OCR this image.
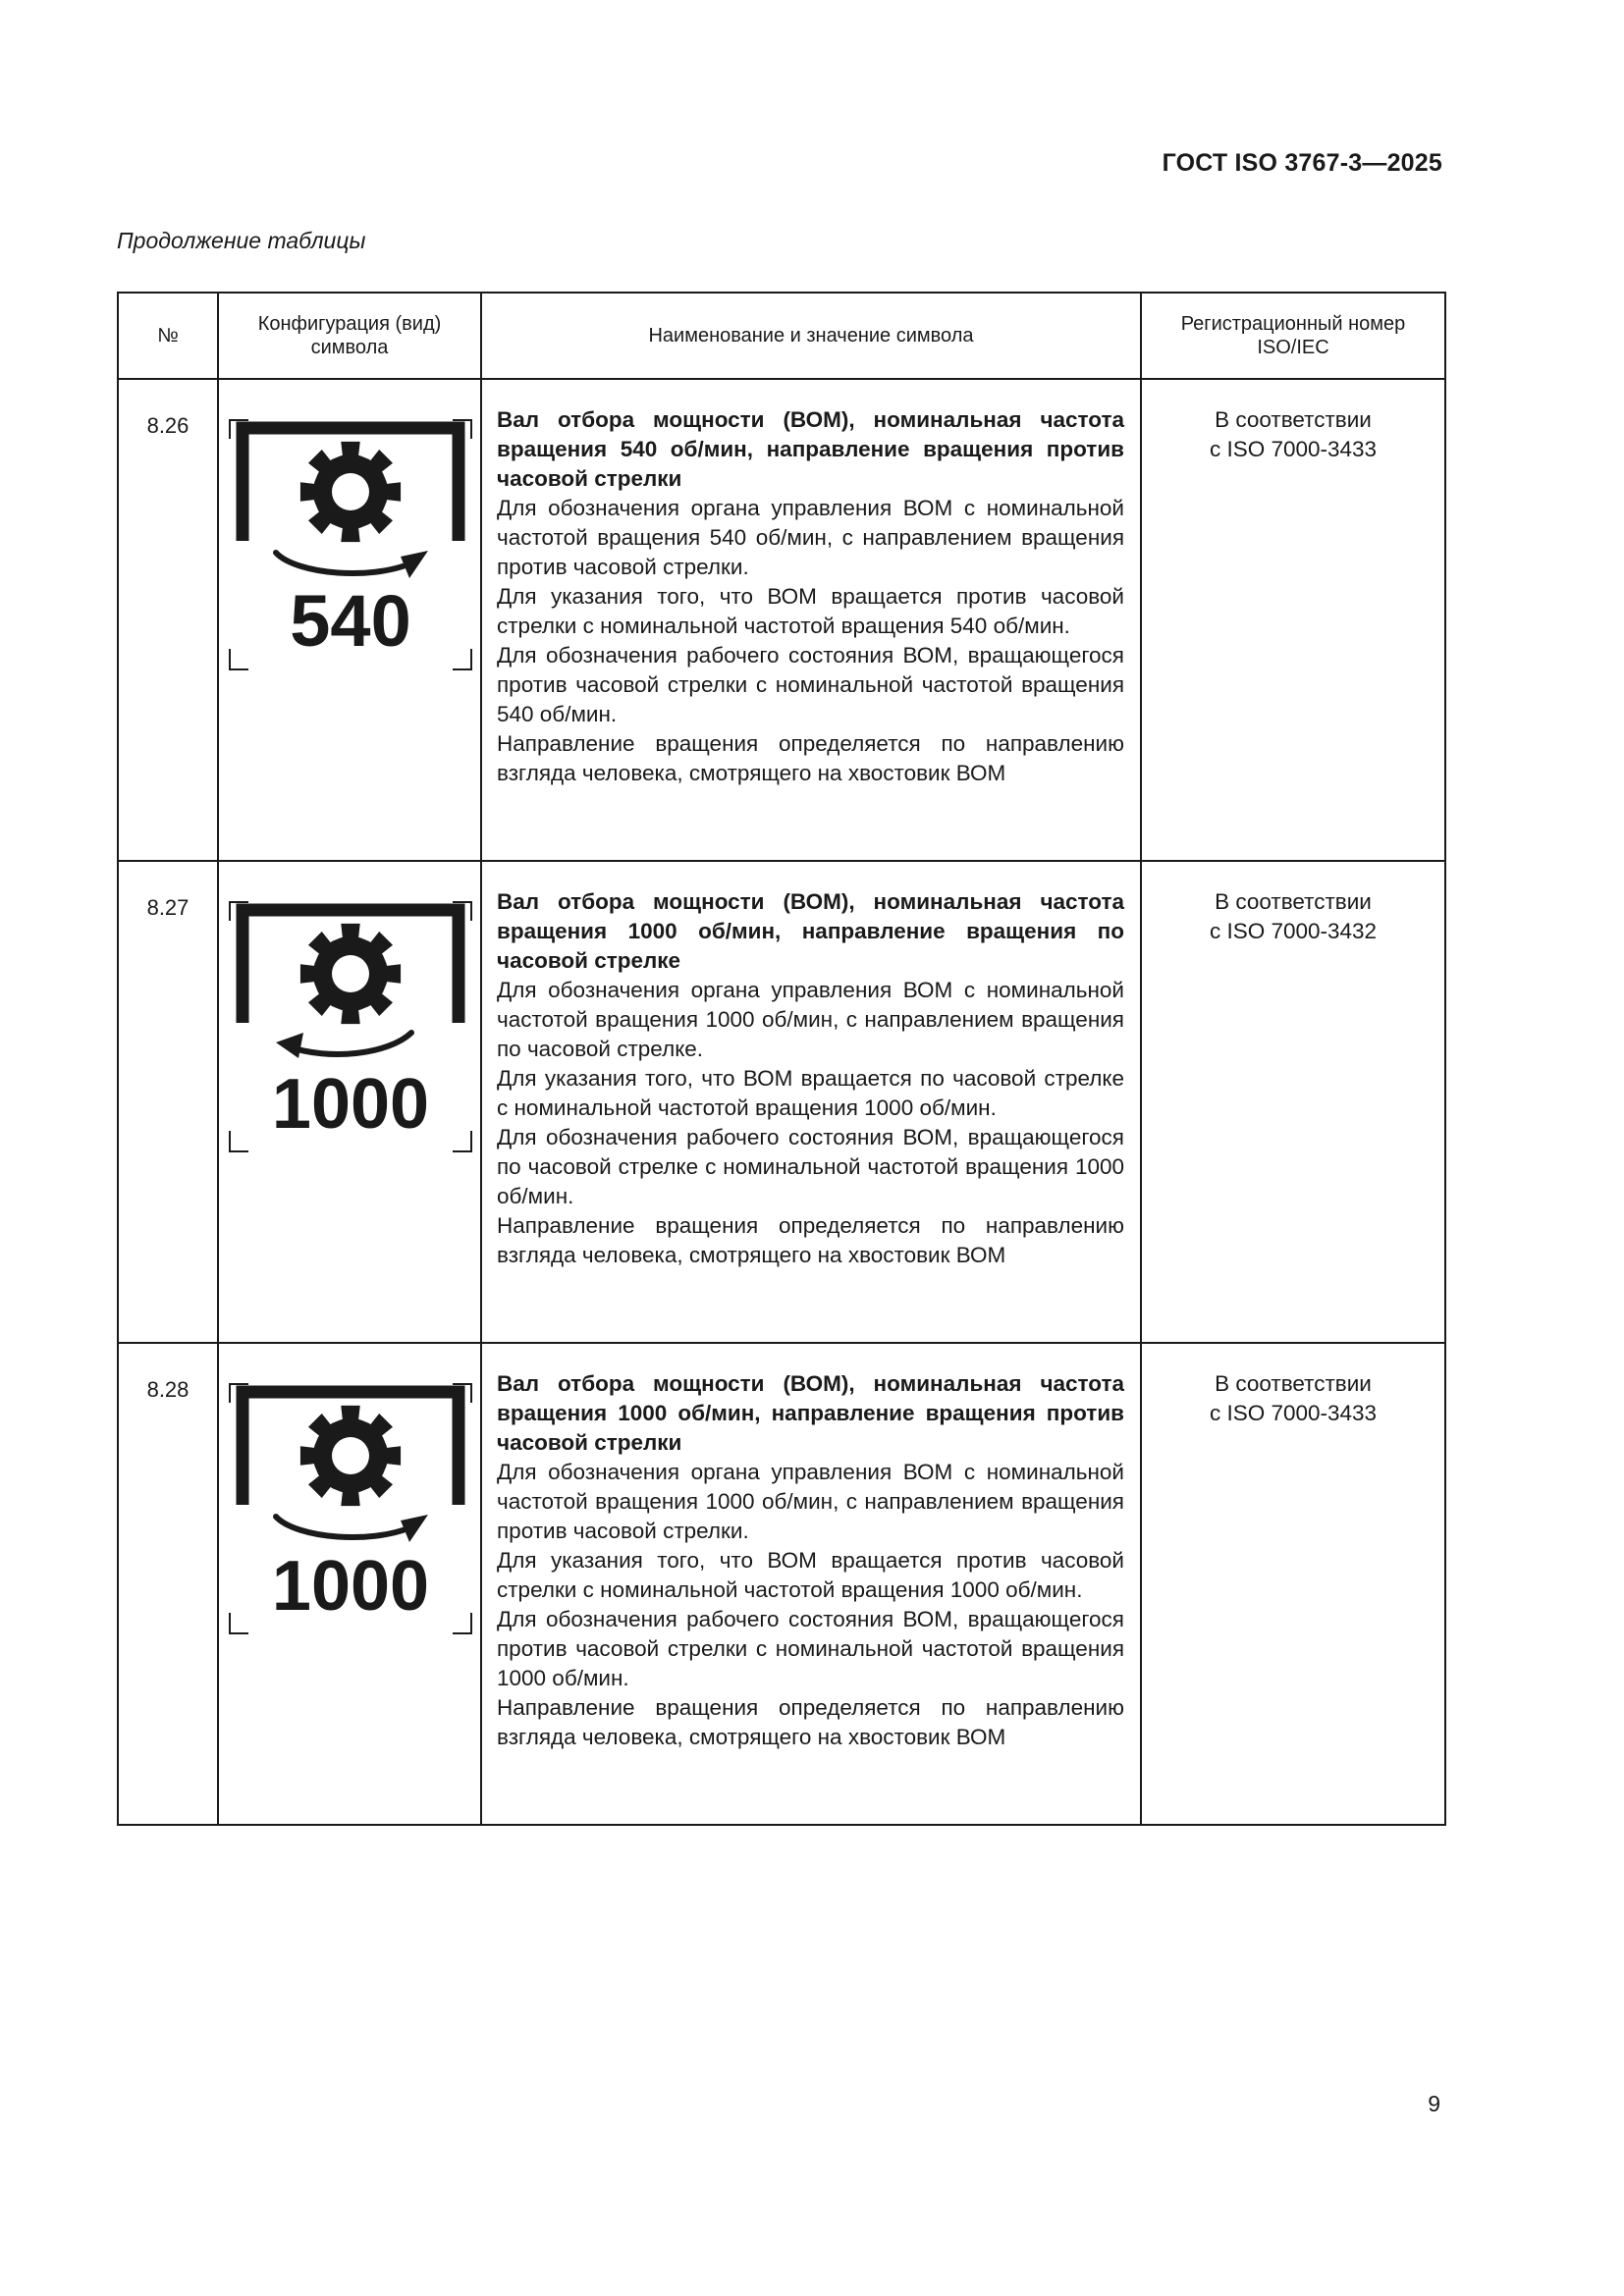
ГОСТ ISO 3767-3—2025
Продолжение таблицы
№	Конфигурация (вид) символа	Наименование и значение символа	Регистрационный номер ISO/IEC
8.26	540	Вал отбора мощности (ВОМ), номинальная частота вращения 540 об/мин, направление вращения против часовой стрелки
Для обозначения органа управления ВОМ с номинальной частотой вращения 540 об/мин, с направлением вращения против часовой стрелки.
Для указания того, что ВОМ вращается против часовой стрелки с номинальной частотой вращения 540 об/мин.
Для обозначения рабочего состояния ВОМ, вращающегося против часовой стрелки с номинальной частотой вращения 540 об/мин.
Направление вращения определяется по направлению взгляда человека, смотрящего на хвостовик ВОМ	В соответствии
с ISO 7000-3433

8.27	1000	Вал отбора мощности (ВОМ), номинальная частота вращения 1000 об/мин, направление вращения по часовой стрелке
Для обозначения органа управления ВОМ с номинальной частотой вращения 1000 об/мин, с направлением вращения по часовой стрелке.
Для указания того, что ВОМ вращается по часовой стрелке с номинальной частотой вращения 1000 об/мин.
Для обозначения рабочего состояния ВОМ, вращающегося по часовой стрелке с номинальной частотой вращения 1000 об/мин.
Направление вращения определяется по направлению взгляда человека, смотрящего на хвостовик ВОМ	В соответствии
с ISO 7000-3432

8.28	1000	Вал отбора мощности (ВОМ), номинальная частота вращения 1000 об/мин, направление вращения против часовой стрелки
Для обозначения органа управления ВОМ с номинальной частотой вращения 1000 об/мин, с направлением вращения против часовой стрелки.
Для указания того, что ВОМ вращается против часовой стрелки с номинальной частотой вращения 1000 об/мин.
Для обозначения рабочего состояния ВОМ, вращающегося против часовой стрелки с номинальной частотой вращения 1000 об/мин.
Направление вращения определяется по направлению взгляда человека, смотрящего на хвостовик ВОМ	В соответствии
с ISO 7000-3433
9
